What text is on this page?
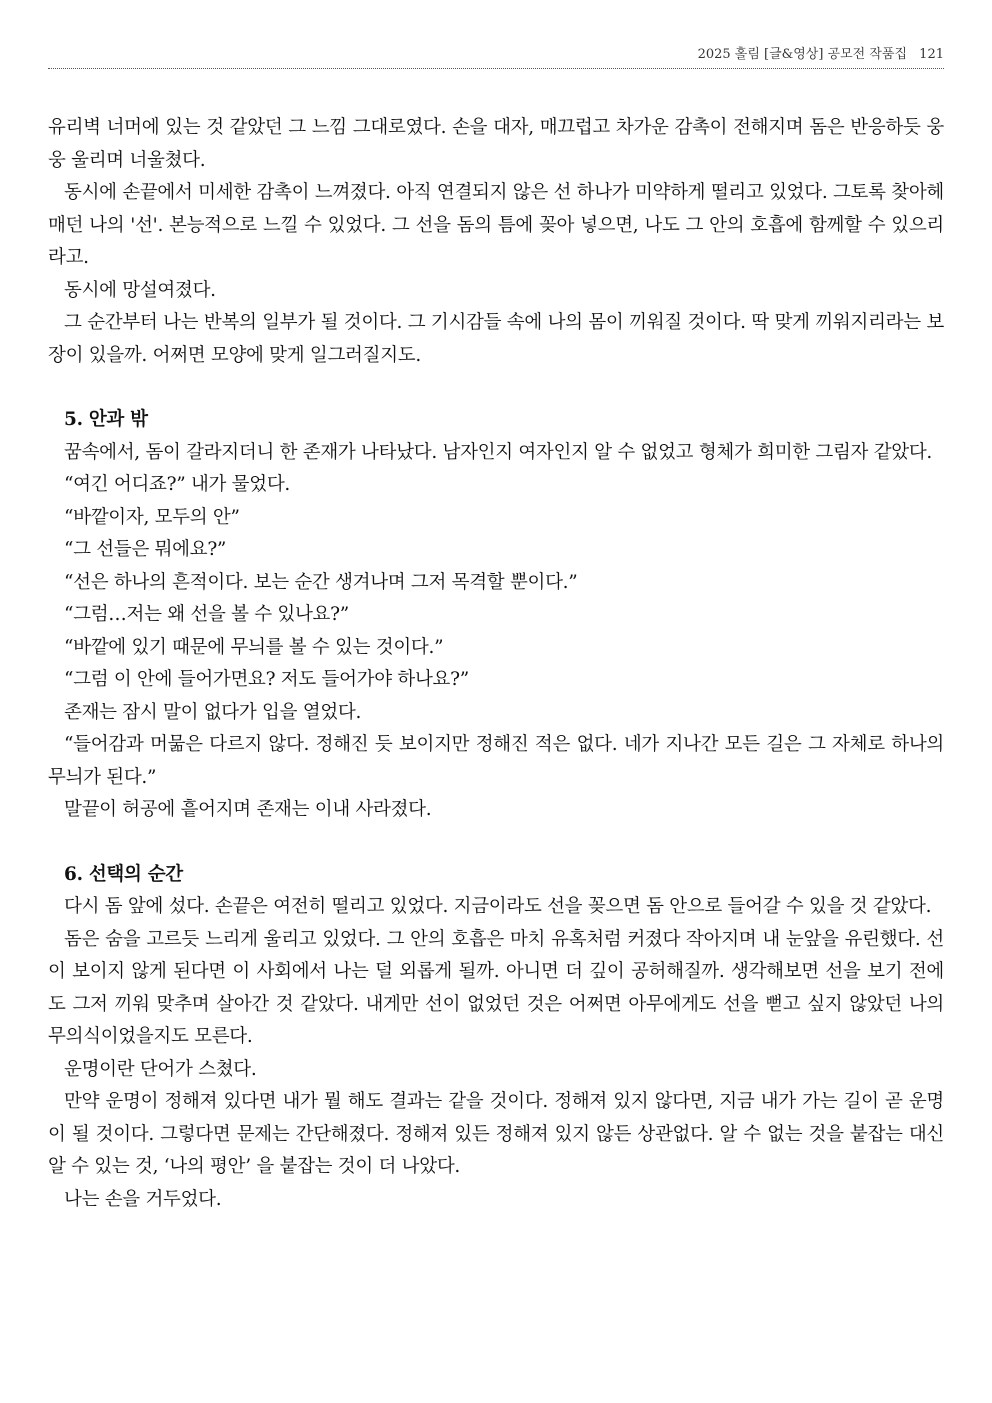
2025 홀림 [글&영상] 공모전 작품집 121

유리벽 너머에 있는 것 같았던 그 느낌 그대로였다. 손을 대자, 매끄럽고 차가운 감촉이 전해지며 돔은 반응하듯 웅웅 울리며 너울쳤다.

동시에 손끝에서 미세한 감촉이 느껴졌다. 아직 연결되지 않은 선 하나가 미약하게 떨리고 있었다. 그토록 찾아헤매던 나의 '선'. 본능적으로 느낄 수 있었다. 그 선을 돔의 틈에 꽂아 넣으면, 나도 그 안의 호흡에 함께할 수 있으리라고.

동시에 망설여졌다.

그 순간부터 나는 반복의 일부가 될 것이다. 그 기시감들 속에 나의 몸이 끼워질 것이다. 딱 맞게 끼워지리라는 보장이 있을까. 어쩌면 모양에 맞게 일그러질지도.

5. 안과 밖

꿈속에서, 돔이 갈라지더니 한 존재가 나타났다. 남자인지 여자인지 알 수 없었고 형체가 희미한 그림자 같았다.

“여긴 어디죠?” 내가 물었다.

“바깥이자, 모두의 안”

“그 선들은 뭐에요?”

“선은 하나의 흔적이다. 보는 순간 생겨나며 그저 목격할 뿐이다.”

“그럼…저는 왜 선을 볼 수 있나요?”

“바깥에 있기 때문에 무늬를 볼 수 있는 것이다.”

“그럼 이 안에 들어가면요? 저도 들어가야 하나요?”

존재는 잠시 말이 없다가 입을 열었다.

“들어감과 머묾은 다르지 않다. 정해진 듯 보이지만 정해진 적은 없다. 네가 지나간 모든 길은 그 자체로 하나의 무늬가 된다.”

말끝이 허공에 흩어지며 존재는 이내 사라졌다.

6. 선택의 순간

다시 돔 앞에 섰다. 손끝은 여전히 떨리고 있었다. 지금이라도 선을 꽂으면 돔 안으로 들어갈 수 있을 것 같았다.

돔은 숨을 고르듯 느리게 울리고 있었다. 그 안의 호흡은 마치 유혹처럼 커졌다 작아지며 내 눈앞을 유린했다. 선이 보이지 않게 된다면 이 사회에서 나는 덜 외롭게 될까. 아니면 더 깊이 공허해질까. 생각해보면 선을 보기 전에도 그저 끼워 맞추며 살아간 것 같았다. 내게만 선이 없었던 것은 어쩌면 아무에게도 선을 뻗고 싶지 않았던 나의 무의식이었을지도 모른다.

운명이란 단어가 스쳤다.

만약 운명이 정해져 있다면 내가 뭘 해도 결과는 같을 것이다. 정해져 있지 않다면, 지금 내가 가는 길이 곧 운명이 될 것이다. 그렇다면 문제는 간단해졌다. 정해져 있든 정해져 있지 않든 상관없다. 알 수 없는 것을 붙잡는 대신 알 수 있는 것, ‘나의 평안’ 을 붙잡는 것이 더 나았다.

나는 손을 거두었다.
